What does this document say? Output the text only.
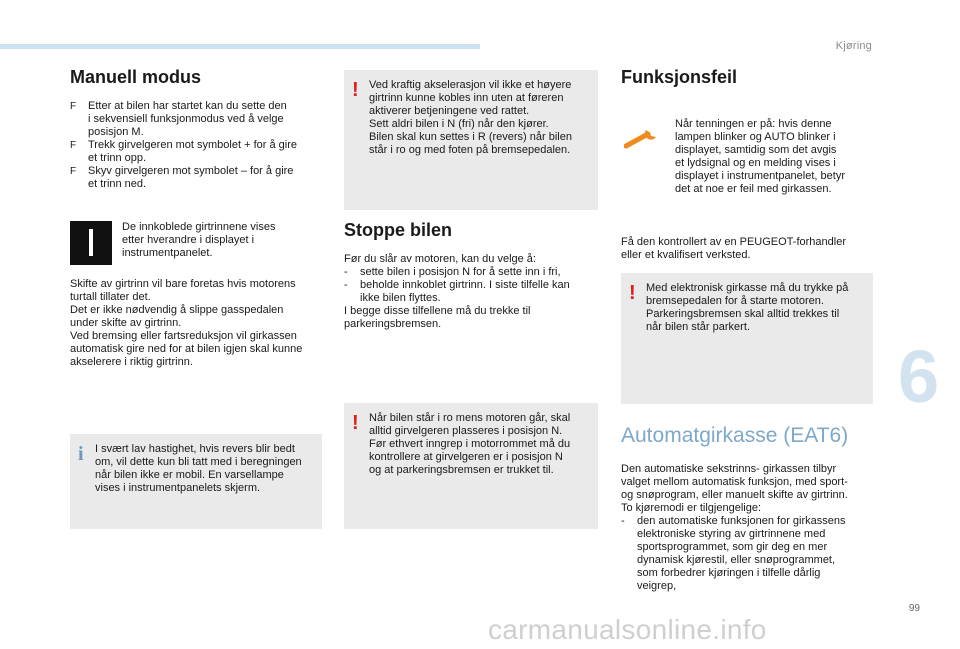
Kjøring
6
99
Manuell modus
F Etter at bilen har startet kan du sette den
i sekvensiell funksjonmodus ved å velge
posisjon M.
F Trekk girvelgeren mot symbolet + for å gire
et trinn opp.
F Skyv girvelgeren mot symbolet – for å gire
et trinn ned.

De innkoblede girtrinnene vises
etter hverandre i displayet i
instrumentpanelet.

Skifte av girtrinn vil bare foretas hvis motorens
turtall tillater det.
Det er ikke nødvendig å slippe gasspedalen
under skifte av girtrinn.
Ved bremsing eller fartsreduksjon vil girkassen
automatisk gire ned for at bilen igjen skal kunne
akselerere i riktig girtrinn.

i I svært lav hastighet, hvis revers blir bedt
om, vil dette kun bli tatt med i beregningen
når bilen ikke er mobil. En varsellampe
vises i instrumentpanelets skjerm.

! Ved kraftig akselerasjon vil ikke et høyere
girtrinn kunne kobles inn uten at føreren
aktiverer betjeningene ved rattet.
Sett aldri bilen i N (fri) når den kjører.
Bilen skal kun settes i R (revers) når bilen
står i ro og med foten på bremsepedalen.

Stoppe bilen

Før du slår av motoren, kan du velge å:

- sette bilen i posisjon N for å sette inn i fri,
- beholde innkoblet girtrinn. I siste tilfelle kan
ikke bilen flyttes.

I begge disse tilfellene må du trekke til
parkeringsbremsen.

! Når bilen står i ro mens motoren går, skal
alltid girvelgeren plasseres i posisjon N.
Før ethvert inngrep i motorrommet må du
kontrollere at girvelgeren er i posisjon N
og at parkeringsbremsen er trukket til.

Funksjonsfeil

Når tenningen er på: hvis denne
lampen blinker og AUTO blinker i
displayet, samtidig som det avgis
et lydsignal og en melding vises i
displayet i instrumentpanelet, betyr
det at noe er feil med girkassen.

Få den kontrollert av en PEUGEOT-forhandler
eller et kvalifisert verksted.

! Med elektronisk girkasse må du trykke på
bremsepedalen for å starte motoren.
Parkeringsbremsen skal alltid trekkes til
når bilen står parkert.

Automatgirkasse (EAT6)

Den automatiske sekstrinns- girkassen tilbyr
valget mellom automatisk funksjon, med sport-
og snøprogram, eller manuelt skifte av girtrinn.
To kjøremodi er tilgjengelige:

- den automatiske funksjonen for girkassens
elektroniske styring av girtrinnene med
sportsprogrammet, som gir deg en mer
dynamisk kjørestil, eller snøprogrammet,
som forbedrer kjøringen i tilfelle dårlig
veigrep,
carmanualsonline.info
